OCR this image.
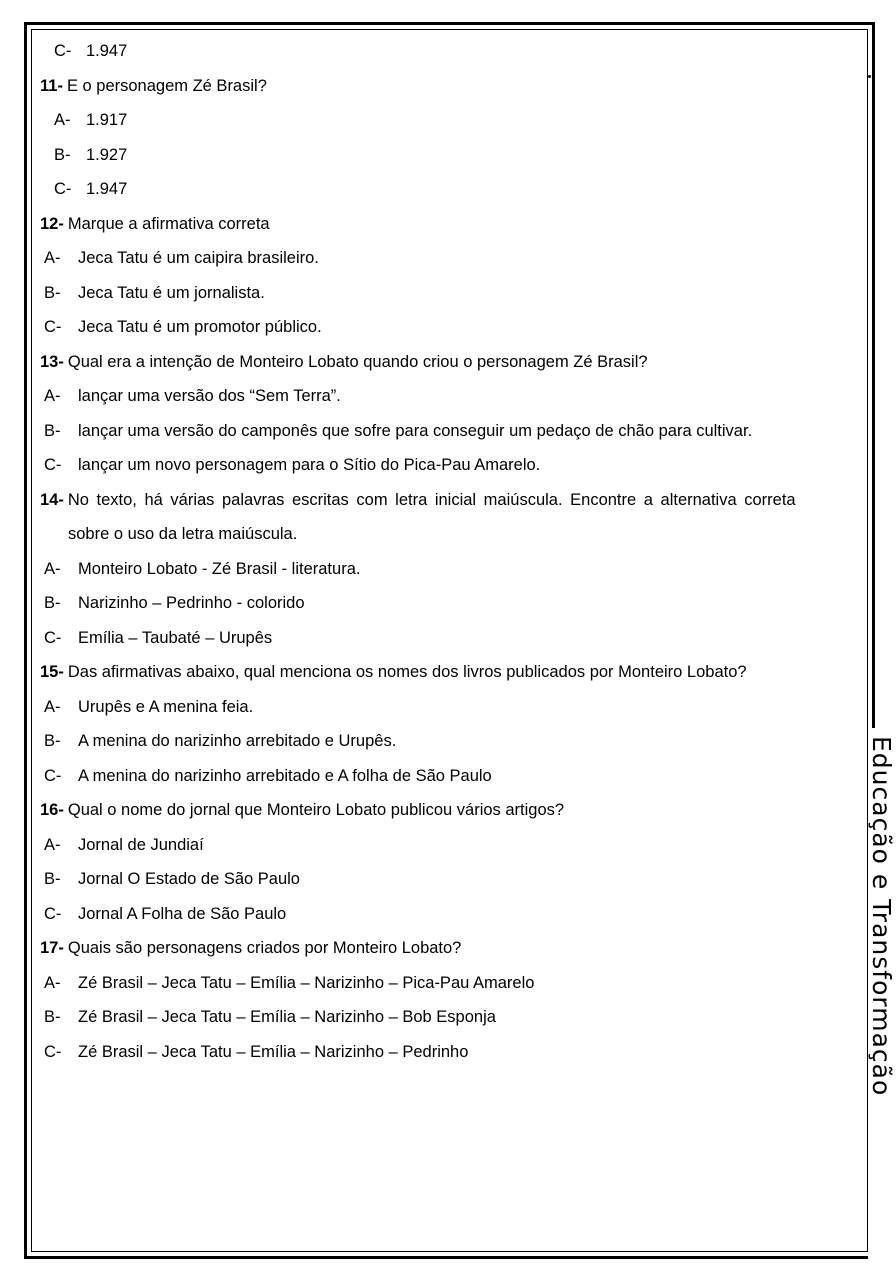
Educação e Transformação
C- 1.947
11- E o personagem Zé Brasil?
A- 1.917
B- 1.927
C- 1.947
12- Marque a afirmativa correta
A-	Jeca Tatu é um caipira brasileiro.
B-	Jeca Tatu é um jornalista.
C-	Jeca Tatu é um promotor público.
13- Qual era a intenção de Monteiro Lobato quando criou o personagem Zé Brasil?
A-	lançar uma versão dos “Sem Terra”.
B-	lançar uma versão do camponês que sofre para conseguir um pedaço de chão para cultivar.
C-	lançar um novo personagem para o Sítio do Pica-Pau Amarelo.
14- No texto, há várias palavras escritas com letra inicial maiúscula. Encontre a alternativa correta
sobre o uso da letra maiúscula.
A-	Monteiro Lobato - Zé Brasil - literatura.
B-	Narizinho – Pedrinho - colorido
C-	Emília – Taubaté – Urupês
15- Das afirmativas abaixo, qual menciona os nomes dos livros publicados por Monteiro Lobato?
A-	Urupês e A menina feia.
B-	A menina do narizinho arrebitado e Urupês.
C-	A menina do narizinho arrebitado e A folha de São Paulo
16- Qual o nome do jornal que Monteiro Lobato publicou vários artigos?
A-	Jornal de Jundiaí
B-	Jornal O Estado de São Paulo
C-	Jornal A Folha de São Paulo
17- Quais são personagens criados por Monteiro Lobato?
A-	Zé Brasil – Jeca Tatu – Emília – Narizinho – Pica-Pau Amarelo
B-	Zé Brasil – Jeca Tatu – Emília – Narizinho – Bob Esponja
C-	Zé Brasil – Jeca Tatu – Emília – Narizinho – Pedrinho
